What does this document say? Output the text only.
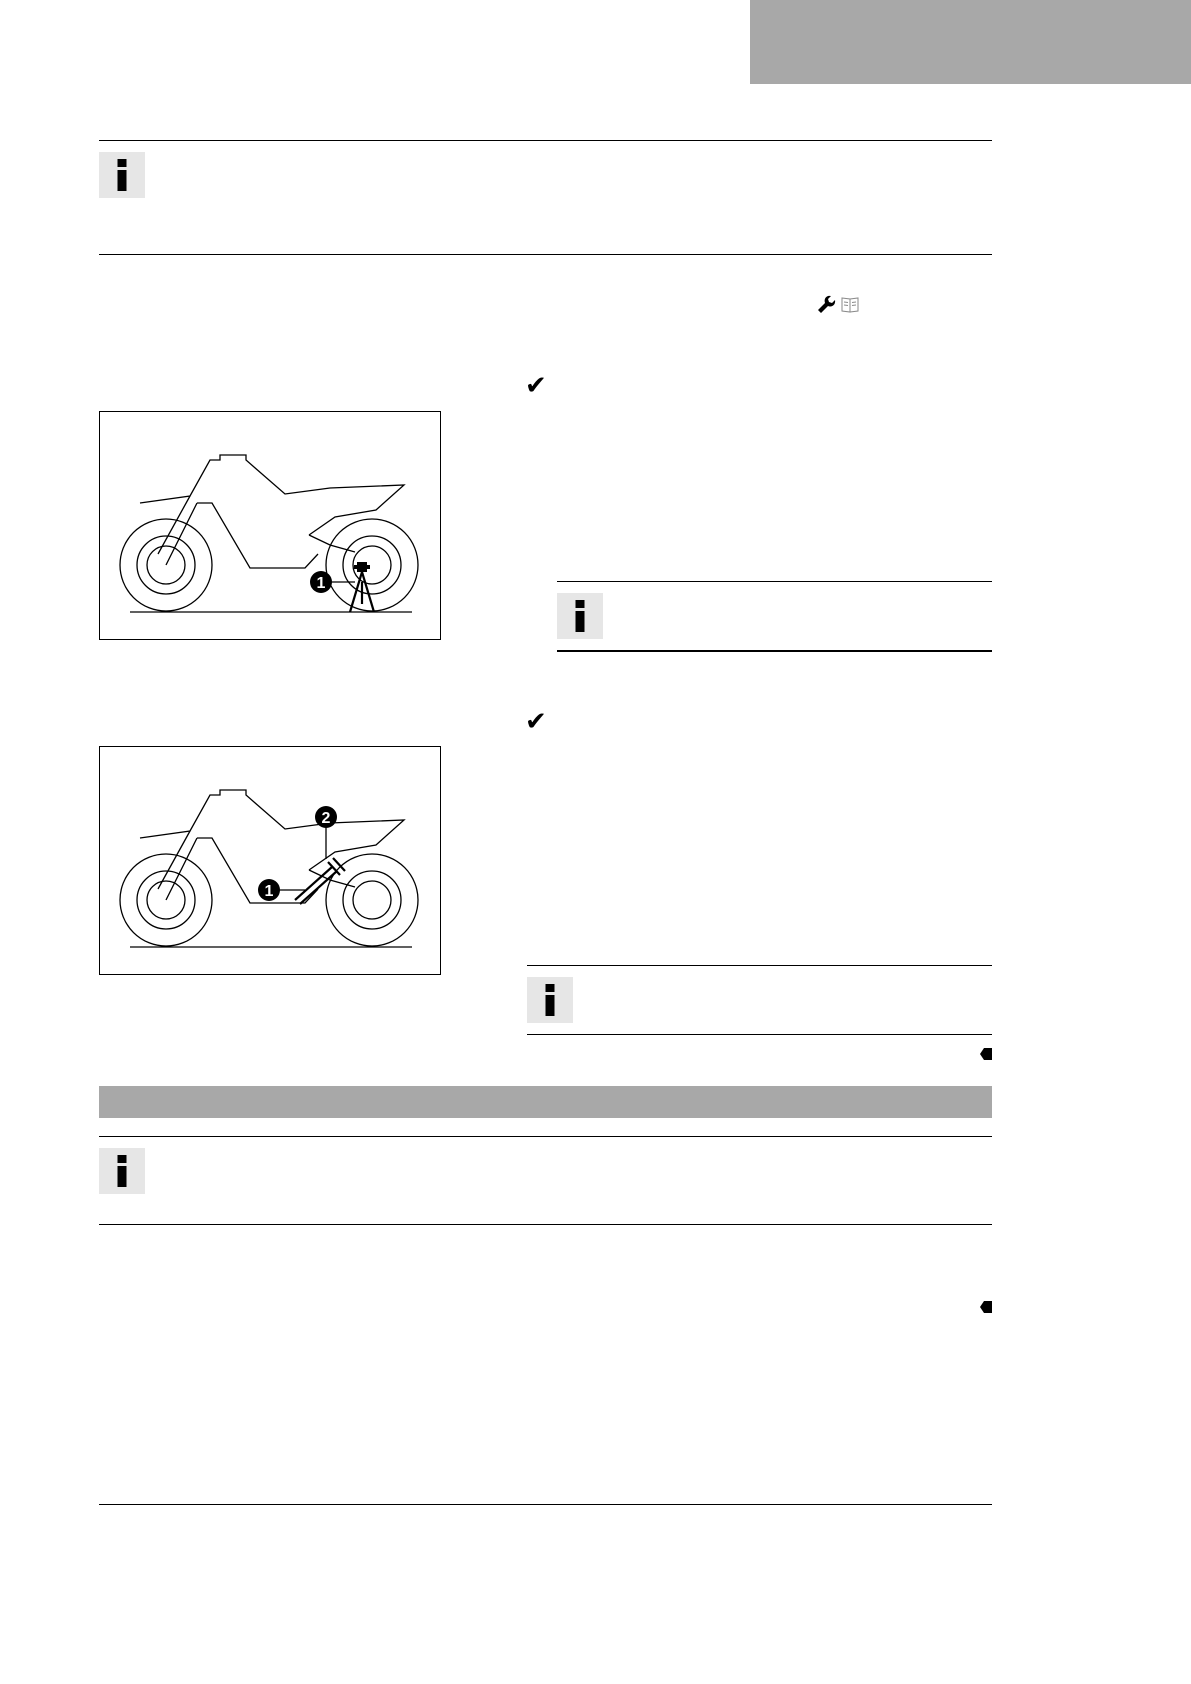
✔
1
✔
1
2
